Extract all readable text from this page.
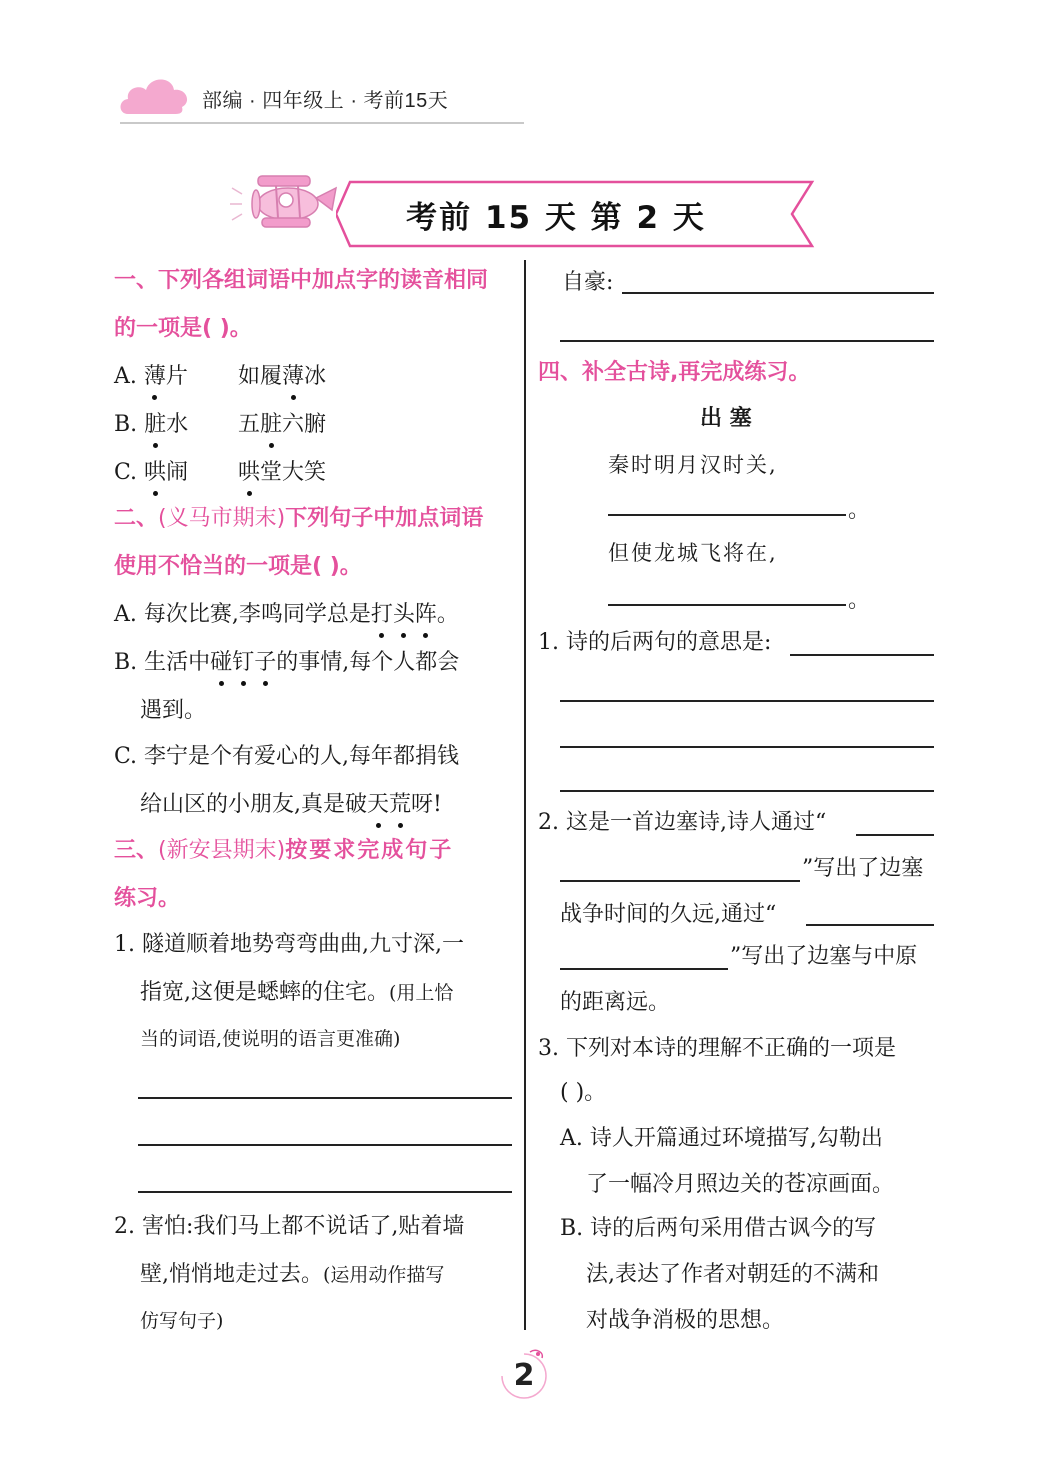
部编 · 四年级上 · 考前15天
考前 15 天 第 2 天
一、下列各组词语中加点字的读音相同
的一项是( )。
A. 薄片 如履薄冰
B. 脏水 五脏六腑
C. 哄闹 哄堂大笑
二、(义马市期末)下列句子中加点词语
使用不恰当的一项是( )。
A. 每次比赛,李鸣同学总是打头阵。
B. 生活中碰钉子的事情,每个人都会
遇到。
C. 李宁是个有爱心的人,每年都捐钱
给山区的小朋友,真是破天荒呀!
三、(新安县期末)按要求完成句子
练习。
1. 隧道顺着地势弯弯曲曲,九寸深,一
指宽,这便是蟋蟀的住宅。(用上恰
当的词语,使说明的语言更准确)
2. 害怕:我们马上都不说话了,贴着墙
壁,悄悄地走过去。(运用动作描写
仿写句子)
自豪:
四、补全古诗,再完成练习。
出 塞
秦时明月汉时关,
。
但使龙城飞将在,
。
1. 诗的后两句的意思是:
2. 这是一首边塞诗,诗人通过“
”写出了边塞
战争时间的久远,通过“
”写出了边塞与中原
的距离远。
3. 下列对本诗的理解不正确的一项是
( )。
A. 诗人开篇通过环境描写,勾勒出
了一幅冷月照边关的苍凉画面。
B. 诗的后两句采用借古讽今的写
法,表达了作者对朝廷的不满和
对战争消极的思想。
2
